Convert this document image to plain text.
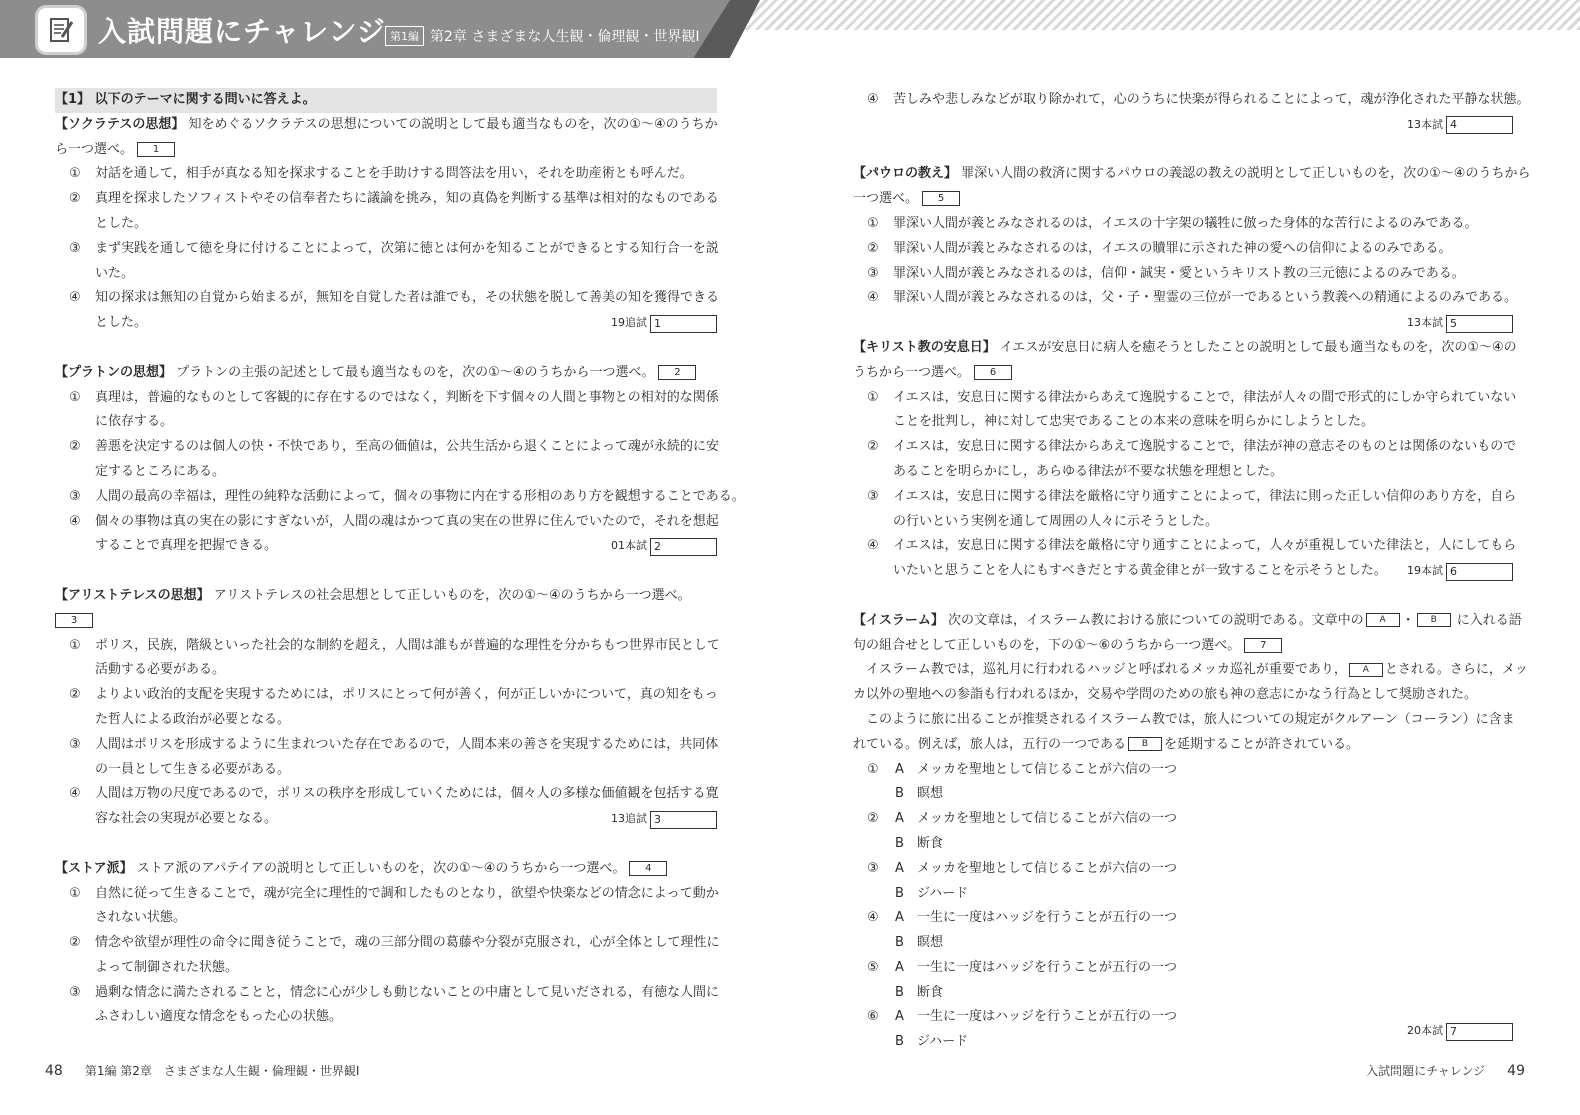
入試問題にチャレンジ 第1編 第2章 さまざまな人生観・倫理観・世界観Ⅰ
【1】 以下のテーマに関する問いに答えよ。
【ソクラテスの思想】 知をめぐるソクラテスの思想についての説明として最も適当なものを，次の①～④のうちか
ら一つ選べ。 1
① 対話を通して，相手が真なる知を探求することを手助けする問答法を用い，それを助産術とも呼んだ。
② 真理を探求したソフィストやその信奉者たちに議論を挑み，知の真偽を判断する基準は相対的なものである
とした。
③ まず実践を通して徳を身に付けることによって，次第に徳とは何かを知ることができるとする知行合一を説
いた。
④ 知の探求は無知の自覚から始まるが，無知を自覚した者は誰でも，その状態を脱して善美の知を獲得できる
とした。	19追試 1
【プラトンの思想】 プラトンの主張の記述として最も適当なものを，次の①～④のうちから一つ選べ。 2
① 真理は，普遍的なものとして客観的に存在するのではなく，判断を下す個々の人間と事物との相対的な関係
に依存する。
② 善悪を決定するのは個人の快・不快であり，至高の価値は，公共生活から退くことによって魂が永続的に安
定するところにある。
③ 人間の最高の幸福は，理性の純粋な活動によって，個々の事物に内在する形相のあり方を観想することである。
④ 個々の事物は真の実在の影にすぎないが，人間の魂はかつて真の実在の世界に住んでいたので，それを想起
することで真理を把握できる。	01本試 2
【アリストテレスの思想】 アリストテレスの社会思想として正しいものを，次の①～④のうちから一つ選べ。
3
① ポリス，民族，階級といった社会的な制約を超え，人間は誰もが普遍的な理性を分かちもつ世界市民として
活動する必要がある。
② よりよい政治的支配を実現するためには，ポリスにとって何が善く，何が正しいかについて，真の知をもっ
た哲人による政治が必要となる。
③ 人間はポリスを形成するように生まれついた存在であるので，人間本来の善さを実現するためには，共同体
の一員として生きる必要がある。
④ 人間は万物の尺度であるので，ポリスの秩序を形成していくためには，個々人の多様な価値観を包括する寛
容な社会の実現が必要となる。	13追試 3
【ストア派】 ストア派のアパテイアの説明として正しいものを，次の①～④のうちから一つ選べ。 4
① 自然に従って生きることで，魂が完全に理性的で調和したものとなり，欲望や快楽などの情念によって動か
されない状態。
② 情念や欲望が理性の命令に聞き従うことで，魂の三部分間の葛藤や分裂が克服され，心が全体として理性に
よって制御された状態。
③ 過剰な情念に満たされることと，情念に心が少しも動じないことの中庸として見いだされる，有徳な人間に
ふさわしい適度な情念をもった心の状態。
④ 苦しみや悲しみなどが取り除かれて，心のうちに快楽が得られることによって，魂が浄化された平静な状態。
13本試 4
【パウロの教え】 罪深い人間の救済に関するパウロの義認の教えの説明として正しいものを，次の①～④のうちから
一つ選べ。 5
① 罪深い人間が義とみなされるのは，イエスの十字架の犠牲に倣った身体的な苦行によるのみである。
② 罪深い人間が義とみなされるのは，イエスの贖罪に示された神の愛への信仰によるのみである。
③ 罪深い人間が義とみなされるのは，信仰・誠実・愛というキリスト教の三元徳によるのみである。
④ 罪深い人間が義とみなされるのは，父・子・聖霊の三位が一であるという教義への精通によるのみである。
13本試 5
【キリスト教の安息日】 イエスが安息日に病人を癒そうとしたことの説明として最も適当なものを，次の①～④の
うちから一つ選べ。 6
① イエスは，安息日に関する律法からあえて逸脱することで，律法が人々の間で形式的にしか守られていない
ことを批判し，神に対して忠実であることの本来の意味を明らかにしようとした。
② イエスは，安息日に関する律法からあえて逸脱することで，律法が神の意志そのものとは関係のないもので
あることを明らかにし，あらゆる律法が不要な状態を理想とした。
③ イエスは，安息日に関する律法を厳格に守り通すことによって，律法に則った正しい信仰のあり方を，自ら
の行いという実例を通して周囲の人々に示そうとした。
④ イエスは，安息日に関する律法を厳格に守り通すことによって，人々が重視していた律法と，人にしてもら
いたいと思うことを人にもすべきだとする黄金律とが一致することを示そうとした。 19本試 6
【イスラーム】 次の文章は，イスラーム教における旅についての説明である。文章中の A ・ B に入れる語
句の組合せとして正しいものを，下の①～⑥のうちから一つ選べ。 7
イスラーム教では，巡礼月に行われるハッジと呼ばれるメッカ巡礼が重要であり， A とされる。さらに，メッ
カ以外の聖地への参詣も行われるほか，交易や学問のための旅も神の意志にかなう行為として奨励された。
このように旅に出ることが推奨されるイスラーム教では，旅人についての規定がクルアーン（コーラン）に含ま
れている。例えば，旅人は，五行の一つである B を延期することが許されている。
① A メッカを聖地として信じることが六信の一つ
B 瞑想
② A メッカを聖地として信じることが六信の一つ
B 断食
③ A メッカを聖地として信じることが六信の一つ
B ジハード
④ A 一生に一度はハッジを行うことが五行の一つ
B 瞑想
⑤ A 一生に一度はハッジを行うことが五行の一つ
B 断食
⑥ A 一生に一度はハッジを行うことが五行の一つ
B ジハード
20本試 7
48 第1編 第2章　さまざまな人生観・倫理観・世界観Ⅰ	入試問題にチャレンジ 49
